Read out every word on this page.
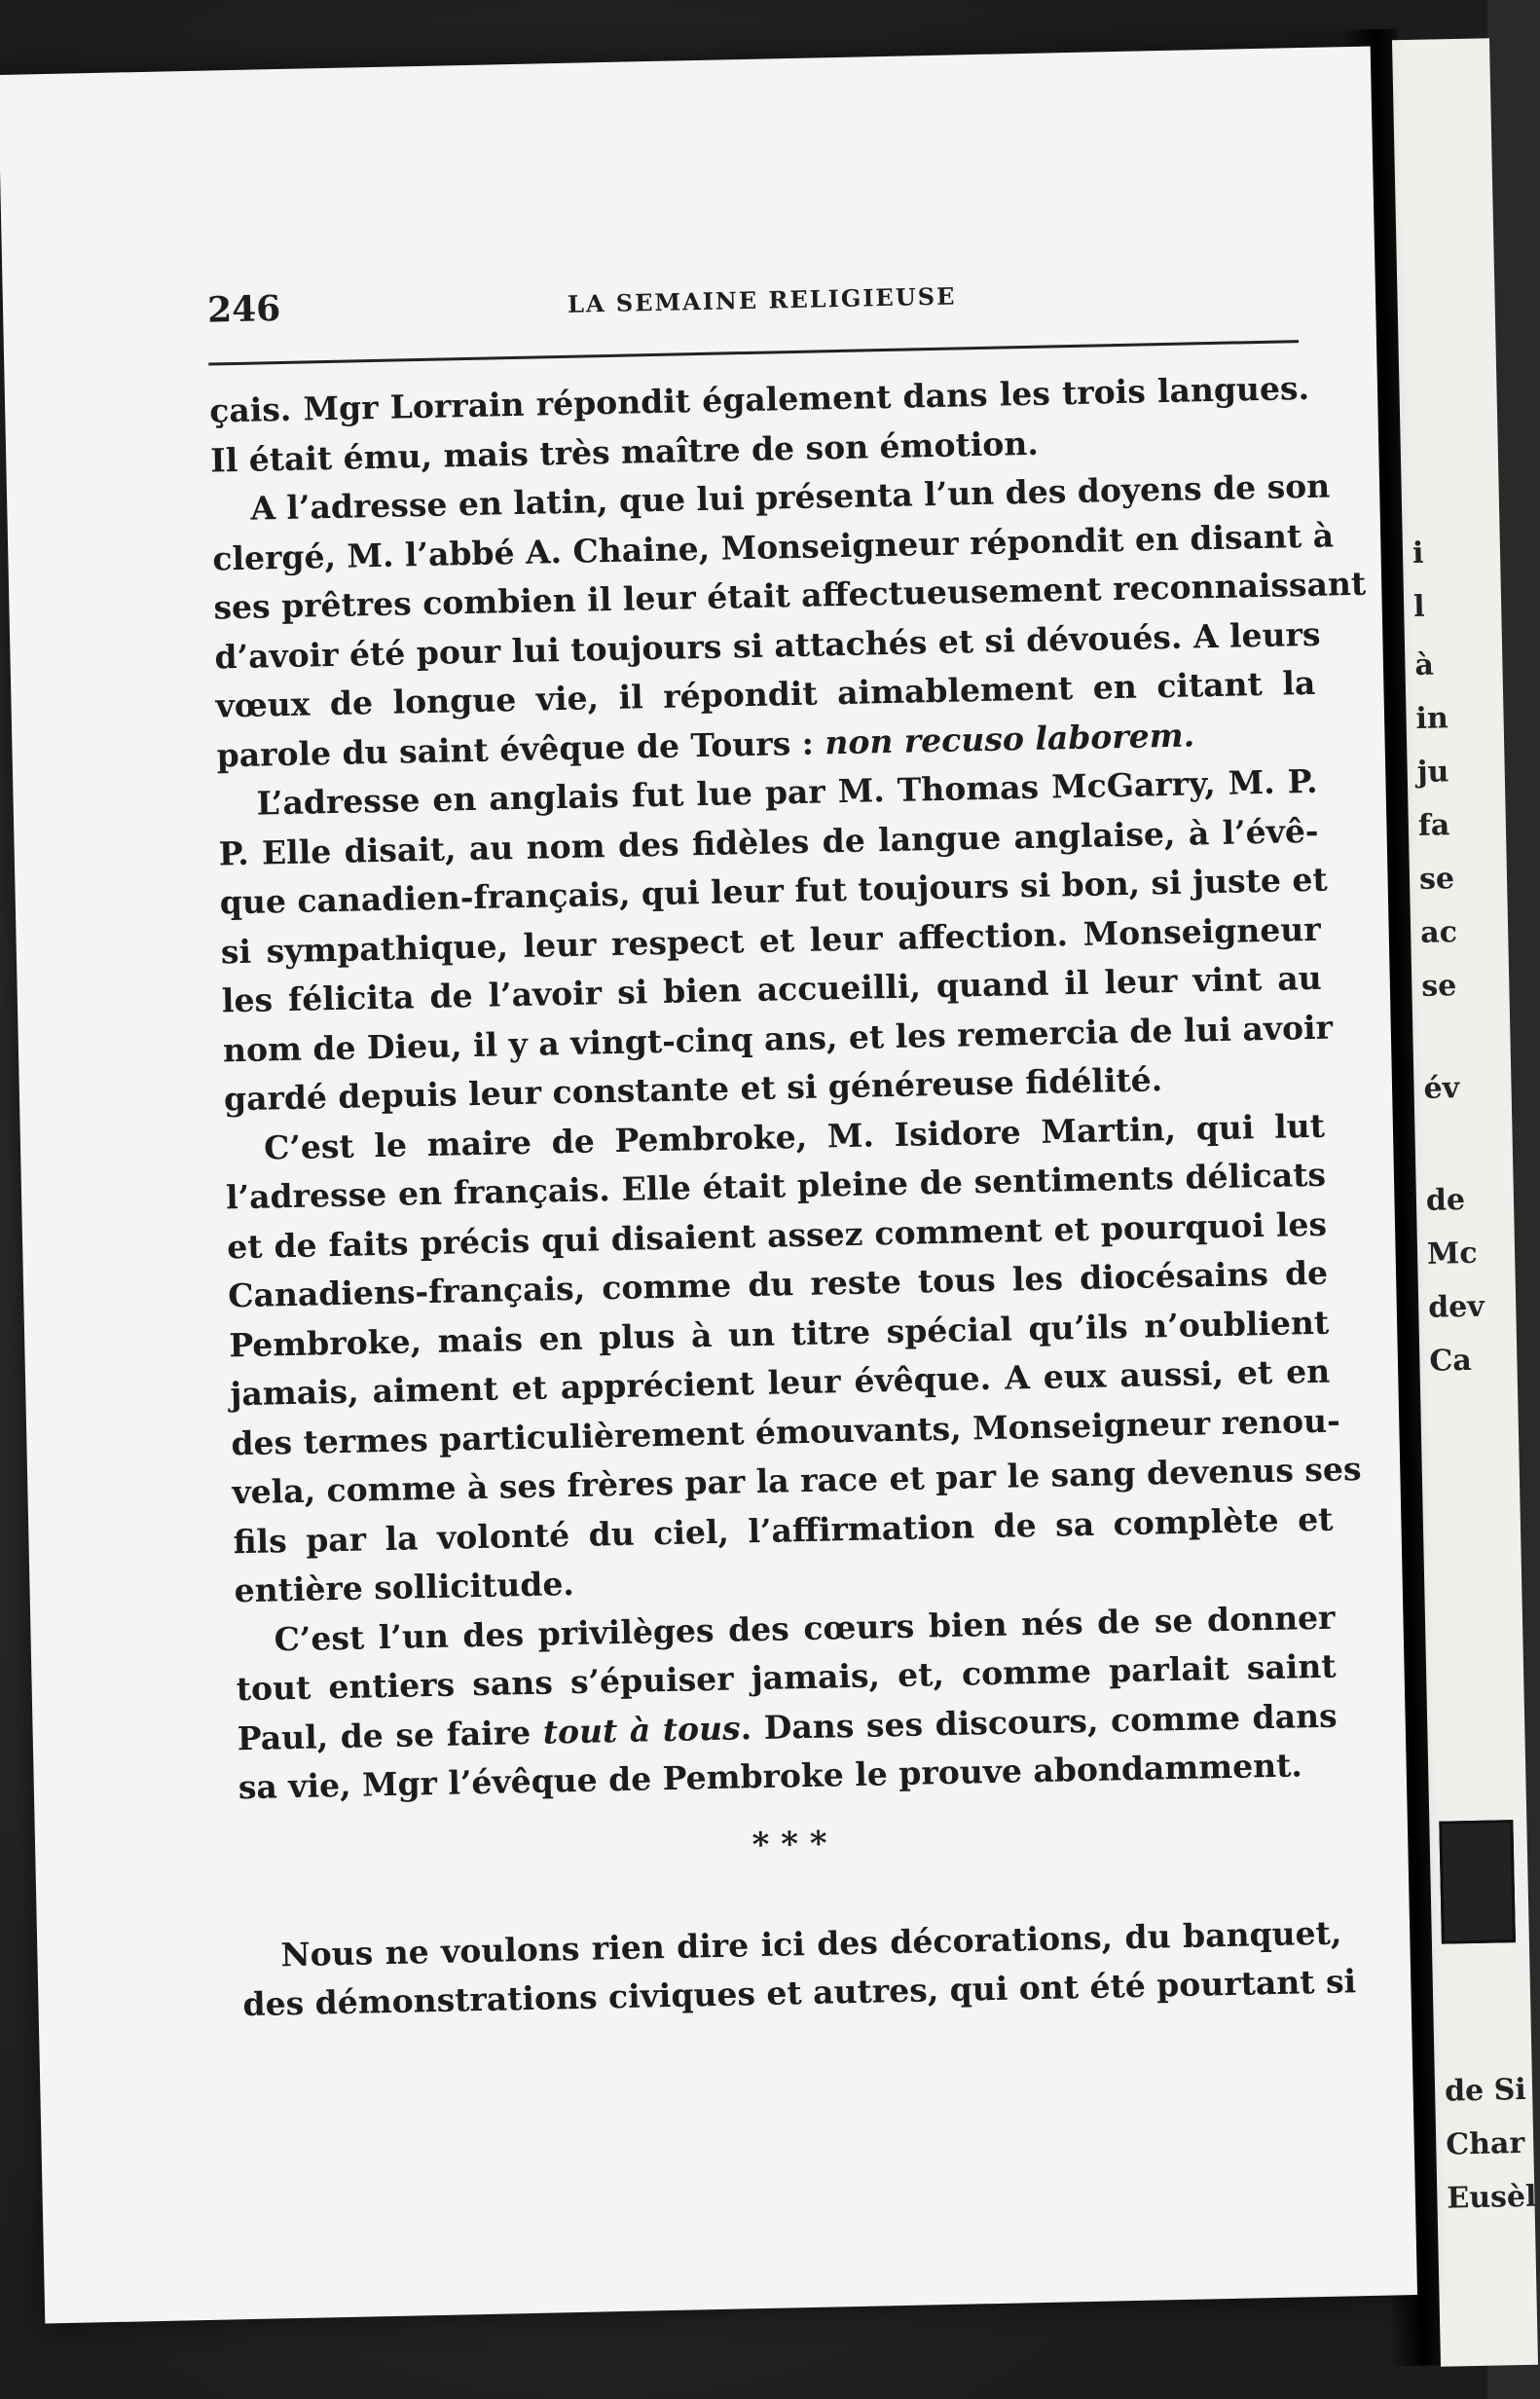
i
l
à
in
ju
fa
se
ac
se
év
de
Mc
dev
Ca
de Si
Char
Eusèl
246	LA SEMAINE RELIGIEUSE
çais. Mgr Lorrain répondit également dans les trois langues.
Il était ému, mais très maître de son émotion.
A l’adresse en latin, que lui présenta l’un des doyens de son
clergé, M. l’abbé A. Chaine, Monseigneur répondit en disant à
ses prêtres combien il leur était affectueusement reconnaissant
d’avoir été pour lui toujours si attachés et si dévoués. A leurs
vœux de longue vie, il répondit aimablement en citant la
parole du saint évêque de Tours : non recuso laborem.
L’adresse en anglais fut lue par M. Thomas McGarry, M. P.
P. Elle disait, au nom des fidèles de langue anglaise, à l’évê-
que canadien-français, qui leur fut toujours si bon, si juste et
si sympathique, leur respect et leur affection. Monseigneur
les félicita de l’avoir si bien accueilli, quand il leur vint au
nom de Dieu, il y a vingt-cinq ans, et les remercia de lui avoir
gardé depuis leur constante et si généreuse fidélité.
C’est le maire de Pembroke, M. Isidore Martin, qui lut
l’adresse en français. Elle était pleine de sentiments délicats
et de faits précis qui disaient assez comment et pourquoi les
Canadiens-français, comme du reste tous les diocésains de
Pembroke, mais en plus à un titre spécial qu’ils n’oublient
jamais, aiment et apprécient leur évêque. A eux aussi, et en
des termes particulièrement émouvants, Monseigneur renou-
vela, comme à ses frères par la race et par le sang devenus ses
fils par la volonté du ciel, l’affirmation de sa complète et
entière sollicitude.
C’est l’un des privilèges des cœurs bien nés de se donner
tout entiers sans s’épuiser jamais, et, comme parlait saint
Paul, de se faire tout à tous. Dans ses discours, comme dans
sa vie, Mgr l’évêque de Pembroke le prouve abondamment.
* * *
Nous ne voulons rien dire ici des décorations, du banquet,
des démonstrations civiques et autres, qui ont été pourtant si
